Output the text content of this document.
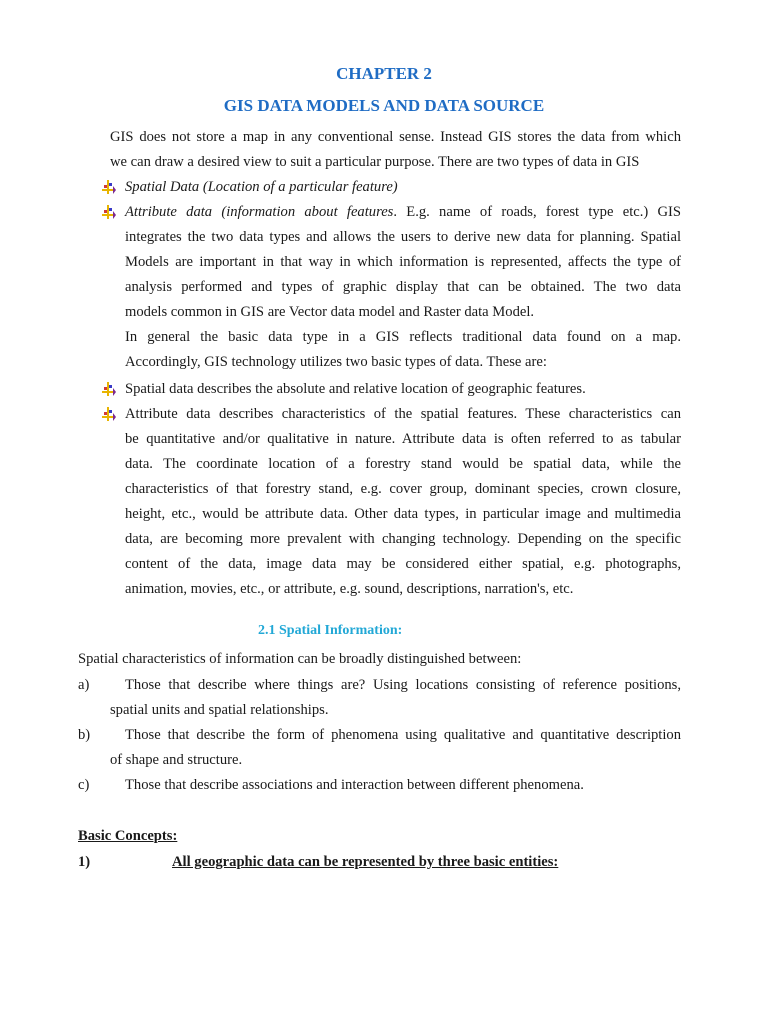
CHAPTER 2
GIS DATA MODELS AND DATA SOURCE
GIS does not store a map in any conventional sense. Instead GIS stores the data from which
we can draw a desired view to suit a particular purpose. There are two types of data in GIS
Spatial Data (Location of a particular feature)
Attribute data (information about features. E.g. name of roads, forest type etc.) GIS
integrates the two data types and allows the users to derive new data for planning. Spatial
Models are important in that way in which information is represented, affects the type of
analysis performed and types of graphic display that can be obtained. The two data
models common in GIS are Vector data model and Raster data Model.
In general the basic data type in a GIS reflects traditional data found on a map.
Accordingly, GIS technology utilizes two basic types of data. These are:
Spatial data describes the absolute and relative location of geographic features.
Attribute data describes characteristics of the spatial features. These characteristics can
be quantitative and/or qualitative in nature. Attribute data is often referred to as tabular
data. The coordinate location of a forestry stand would be spatial data, while the
characteristics of that forestry stand, e.g. cover group, dominant species, crown closure,
height, etc., would be attribute data. Other data types, in particular image and multimedia
data, are becoming more prevalent with changing technology. Depending on the specific
content of the data, image data may be considered either spatial, e.g. photographs,
animation, movies, etc., or attribute, e.g. sound, descriptions, narration's, etc.
2.1 Spatial Information:
Spatial characteristics of information can be broadly distinguished between:
a) Those that describe where things are? Using locations consisting of reference positions,
spatial units and spatial relationships.
b) Those that describe the form of phenomena using qualitative and quantitative description
of shape and structure.
c) Those that describe associations and interaction between different phenomena.
Basic Concepts:
1)	All geographic data can be represented by three basic entities:
